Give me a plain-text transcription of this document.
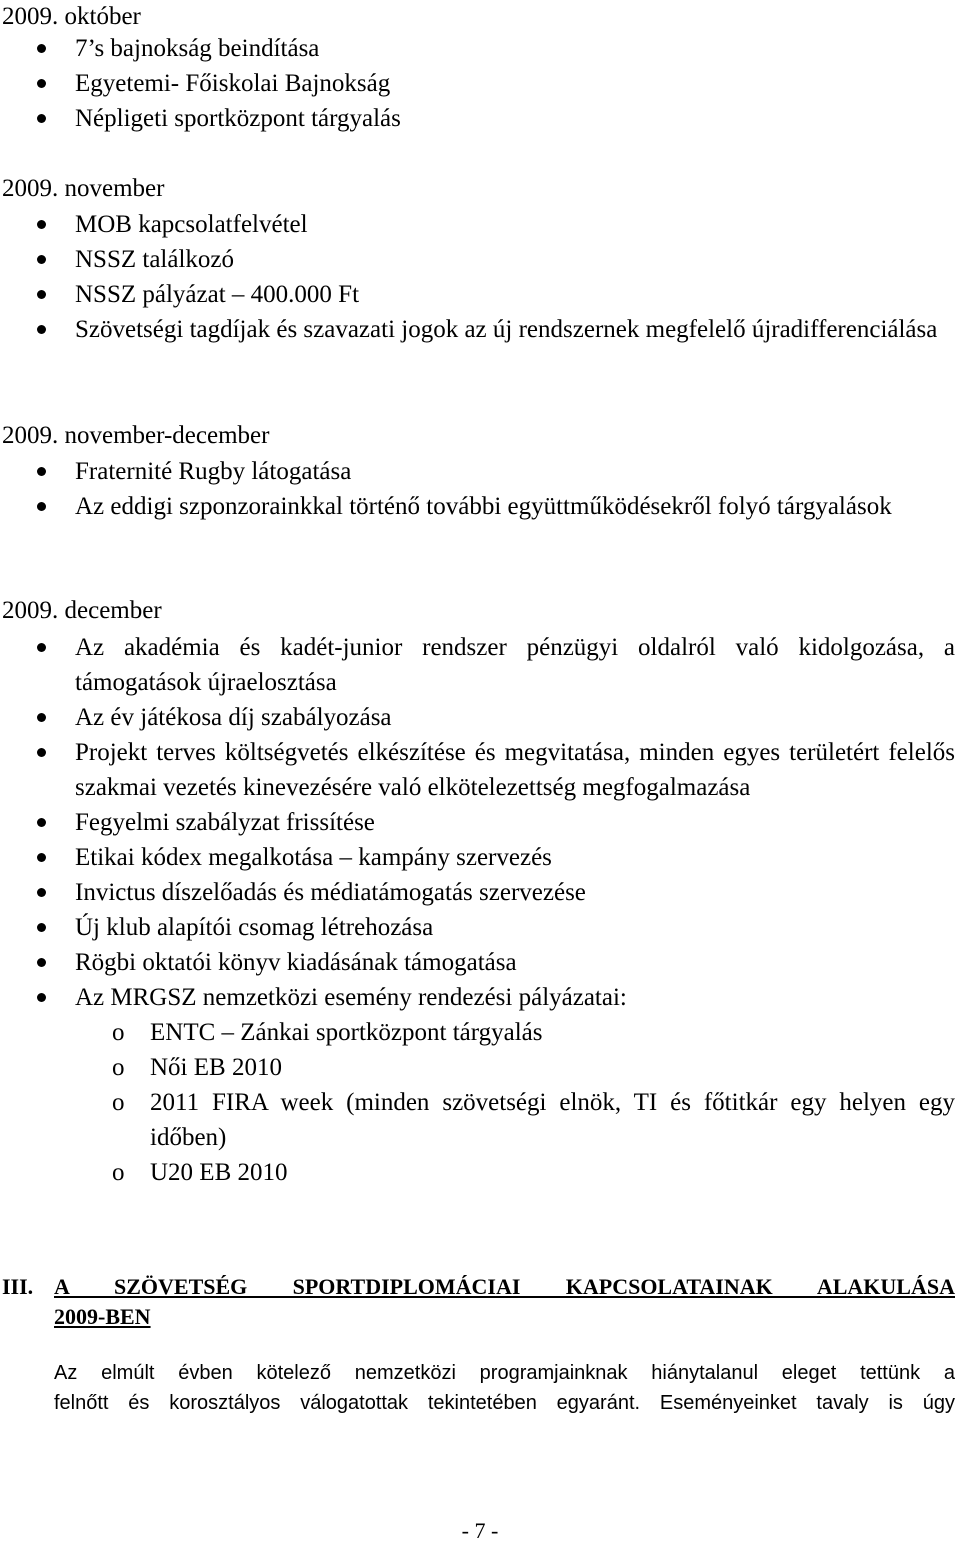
2009. október
7’s bajnokság beindítása
Egyetemi- Főiskolai Bajnokság
Népligeti sportközpont tárgyalás
2009. november
MOB kapcsolatfelvétel
NSSZ találkozó
NSSZ pályázat – 400.000 Ft
Szövetségi tagdíjak és szavazati jogok az új rendszernek megfelelő újradifferenciálása
2009. november-december
Fraternité Rugby látogatása
Az eddigi szponzorainkkal történő további együttműködésekről folyó tárgyalások
2009. december
Az akadémia és kadét-junior rendszer pénzügyi oldalról való kidolgozása, a támogatások újraelosztása
Az év játékosa díj szabályozása
Projekt terves költségvetés elkészítése és megvitatása, minden egyes területért felelős szakmai vezetés kinevezésére való elkötelezettség megfogalmazása
Fegyelmi szabályzat frissítése
Etikai kódex megalkotása – kampány szervezés
Invictus díszelőadás és médiatámogatás szervezése
Új klub alapítói csomag létrehozása
Rögbi oktatói könyv kiadásának támogatása
Az MRGSZ nemzetközi esemény rendezési pályázatai:
o ENTC – Zánkai sportközpont tárgyalás
o Női EB 2010
o 2011 FIRA week (minden szövetségi elnök, TI és főtitkár egy helyen egy időben)
o U20 EB 2010
III. A SZÖVETSÉG SPORTDIPLOMÁCIAI KAPCSOLATAINAK ALAKULÁSA
2009-BEN
Az elmúlt évben kötelező nemzetközi programjainknak hiánytalanul eleget tettünk a
felnőtt és korosztályos válogatottak tekintetében egyaránt. Eseményeinket tavaly is úgy
- 7 -
